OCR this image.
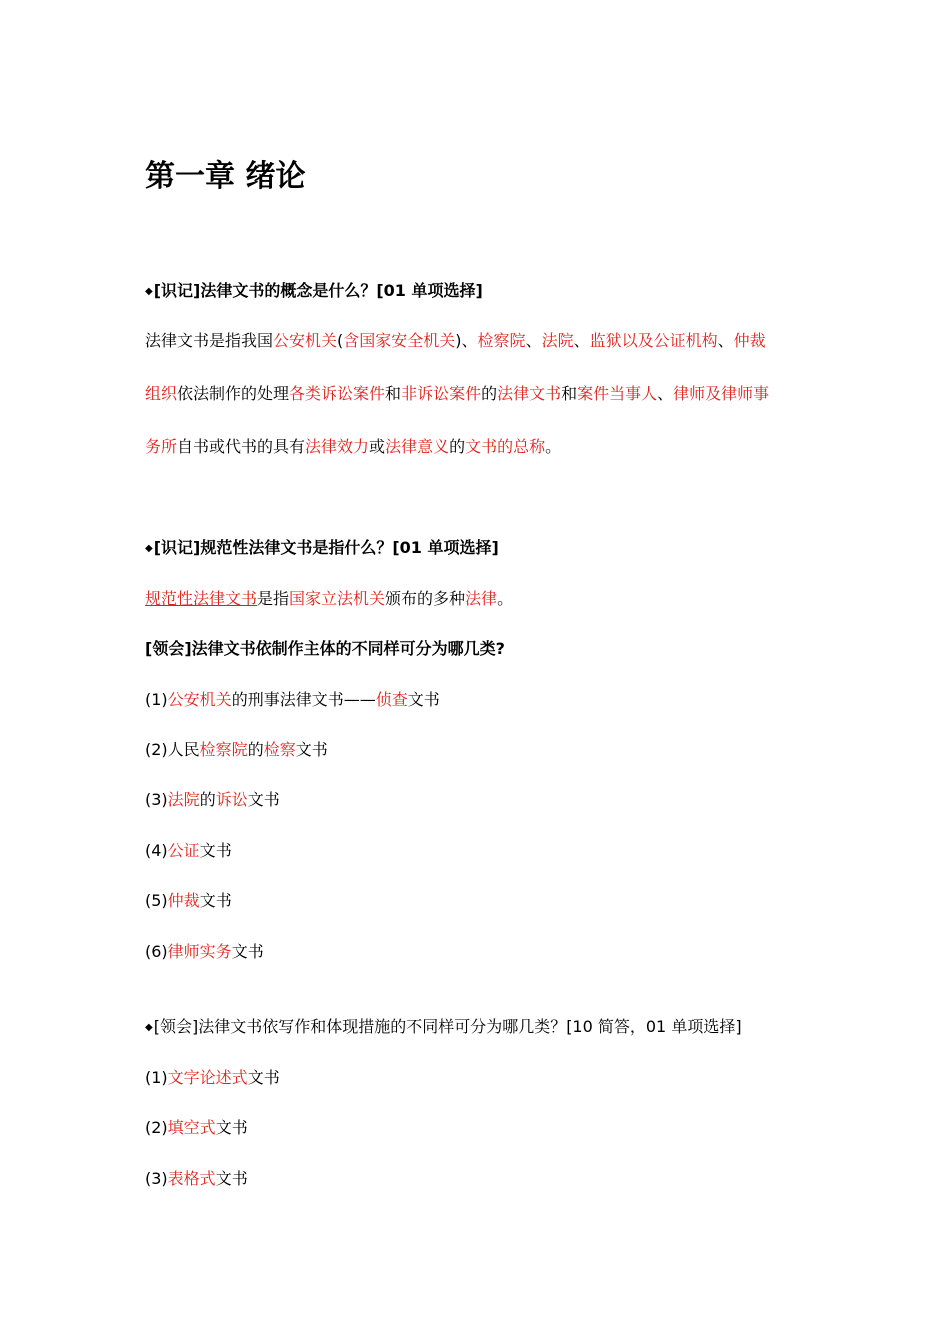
第一章 绪论

◆[识记]法律文书的概念是什么？[01 单项选择]

法律文书是指我国公安机关(含国家安全机关)、检察院、法院、监狱以及公证机构、仲裁

组织依法制作的处理各类诉讼案件和非诉讼案件的法律文书和案件当事人、律师及律师事

务所自书或代书的具有法律效力或法律意义的文书的总称。

◆[识记]规范性法律文书是指什么？[01 单项选择]

规范性法律文书是指国家立法机关颁布的多种法律。

[领会]法律文书依制作主体的不同样可分为哪几类?

(1)公安机关的刑事法律文书——侦查文书

(2)人民检察院的检察文书

(3)法院的诉讼文书

(4)公证文书

(5)仲裁文书

(6)律师实务文书

◆[领会]法律文书依写作和体现措施的不同样可分为哪几类？[10 简答，01 单项选择]

(1)文字论述式文书

(2)填空式文书

(3)表格式文书
